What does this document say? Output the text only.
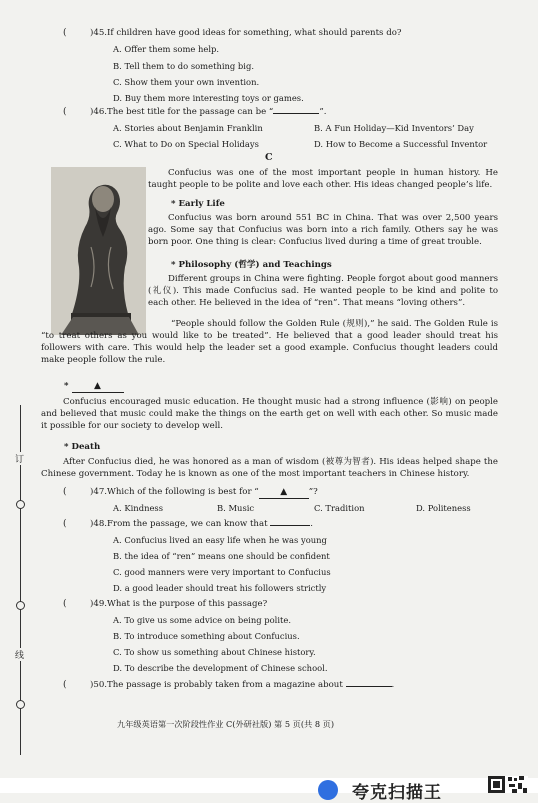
订
线
(	)45.If children have good ideas for something, what should parents do?
A. Offer them some help.
B. Tell them to do something big.
C. Show them your own invention.
D. Buy them more interesting toys or games.
(	)46.The best title for the passage can be “	”.
A. Stories about Benjamin Franklin	B. A Fun Holiday—Kid Inventors’ Day
C. What to Do on Special Holidays	D. How to Become a Successful Inventor
C
Confucius was one of the most important people in human history. He taught people to be polite and love each other. His ideas changed people’s life.
* Early Life
Confucius was born around 551 BC in China. That was over 2,500 years ago. Some say that Confucius was born into a rich family. Others say he was born poor. One thing is clear: Confucius lived during a time of great trouble.
* Philosophy (哲学) and Teachings
Different groups in China were fighting. People forgot about good manners (礼仪). This made Confucius sad. He wanted people to be kind and polite to each other. He believed in the idea of “ren”. That means “loving others”.
“People should follow the Golden Rule (规则),” he said. The Golden Rule is “to treat others as you would like to be treated”. He believed that a good leader should treat his followers with care. This would help the leader set a good example. Confucius thought leaders could make people follow the rule.
*	▲
Confucius encouraged music education. He thought music had a strong influence (影响) on people and believed that music could make the things on the earth get on well with each other. So music made it possible for our society to develop well.
* Death
After Confucius died, he was honored as a man of wisdom (被尊为智者). His ideas helped shape the Chinese government. Today he is known as one of the most important teachers in Chinese history.
(	)47.Which of the following is best for “ ▲	”?
A. Kindness	B. Music	C. Tradition	D. Politeness
(	)48.From the passage, we can know that	.
A. Confucius lived an easy life when he was young
B. the idea of “ren” means one should be confident
C. good manners were very important to Confucius
D. a good leader should treat his followers strictly
(	)49.What is the purpose of this passage?
A. To give us some advice on being polite.
B. To introduce something about Confucius.
C. To show us something about Chinese history.
D. To describe the development of Chinese school.
(	)50.The passage is probably taken from a magazine about	.
九年级英语第一次阶段性作业 C(外研社版) 第 5 页(共 8 页)
夸克扫描王
